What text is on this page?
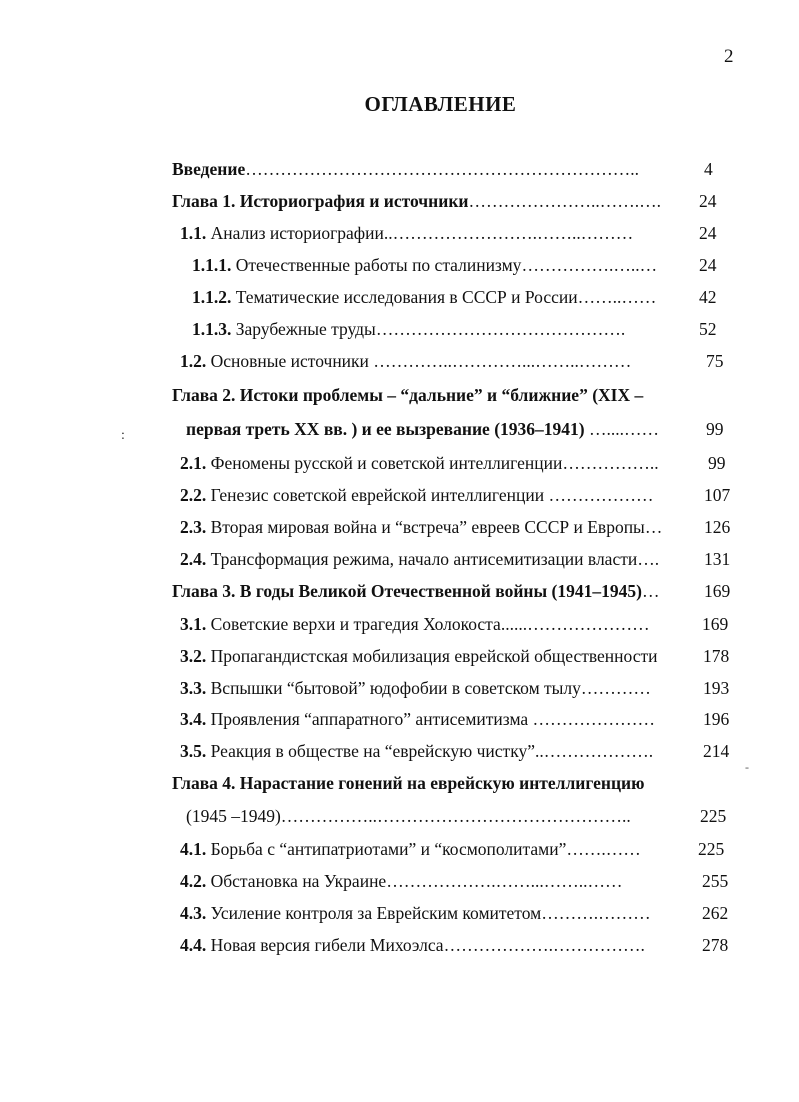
2
ОГЛАВЛЕНИЕ
:
-
Введение…………………………………………………………..	4
Глава 1. Историография и источники…………………..…….…. 24
1.1. Анализ историографии..…………………….……..………	24
1.1.1. Отечественные работы по сталинизму…………….…..… 24
1.1.2. Тематические исследования в СССР и России……..…… 42
1.1.3. Зарубежные труды…………………………………….	52
1.2. Основные источники …………..…………...……..………	75
Глава 2. Истоки проблемы – “дальние” и “ближние” (XIX –
первая треть XX вв. ) и ее вызревание (1936–1941) …....……	99
2.1. Феномены русской и советской интеллигенции……………..	99
2.2. Генезис советской еврейской интеллигенции ………………	107
2.3. Вторая мировая война и “встреча” евреев СССР и Европы… 126
2.4. Трансформация режима, начало антисемитизации власти….	131
Глава 3. В годы Великой Отечественной войны (1941–1945)…	169
3.1. Советские верхи и трагедия Холокоста......…………………	169
3.2. Пропагандистская мобилизация еврейской общественности	178
3.3. Вспышки “бытовой” юдофобии в советском тылу…………	193
3.4. Проявления “аппаратного” антисемитизма …………………	196
3.5. Реакция в обществе на “еврейскую чистку”..……………….	214
Глава 4. Нарастание гонений на еврейскую интеллигенцию
(1945 –1949)……………..……………………………………..	225
4.1. Борьба с “антипатриотами” и “космополитами”…….……	225
4.2. Обстановка на Украине……………….……...……..……	255
4.3. Усиление контроля за Еврейским комитетом……….………	262
4.4. Новая версия гибели Михоэлса……………….…………….	278
